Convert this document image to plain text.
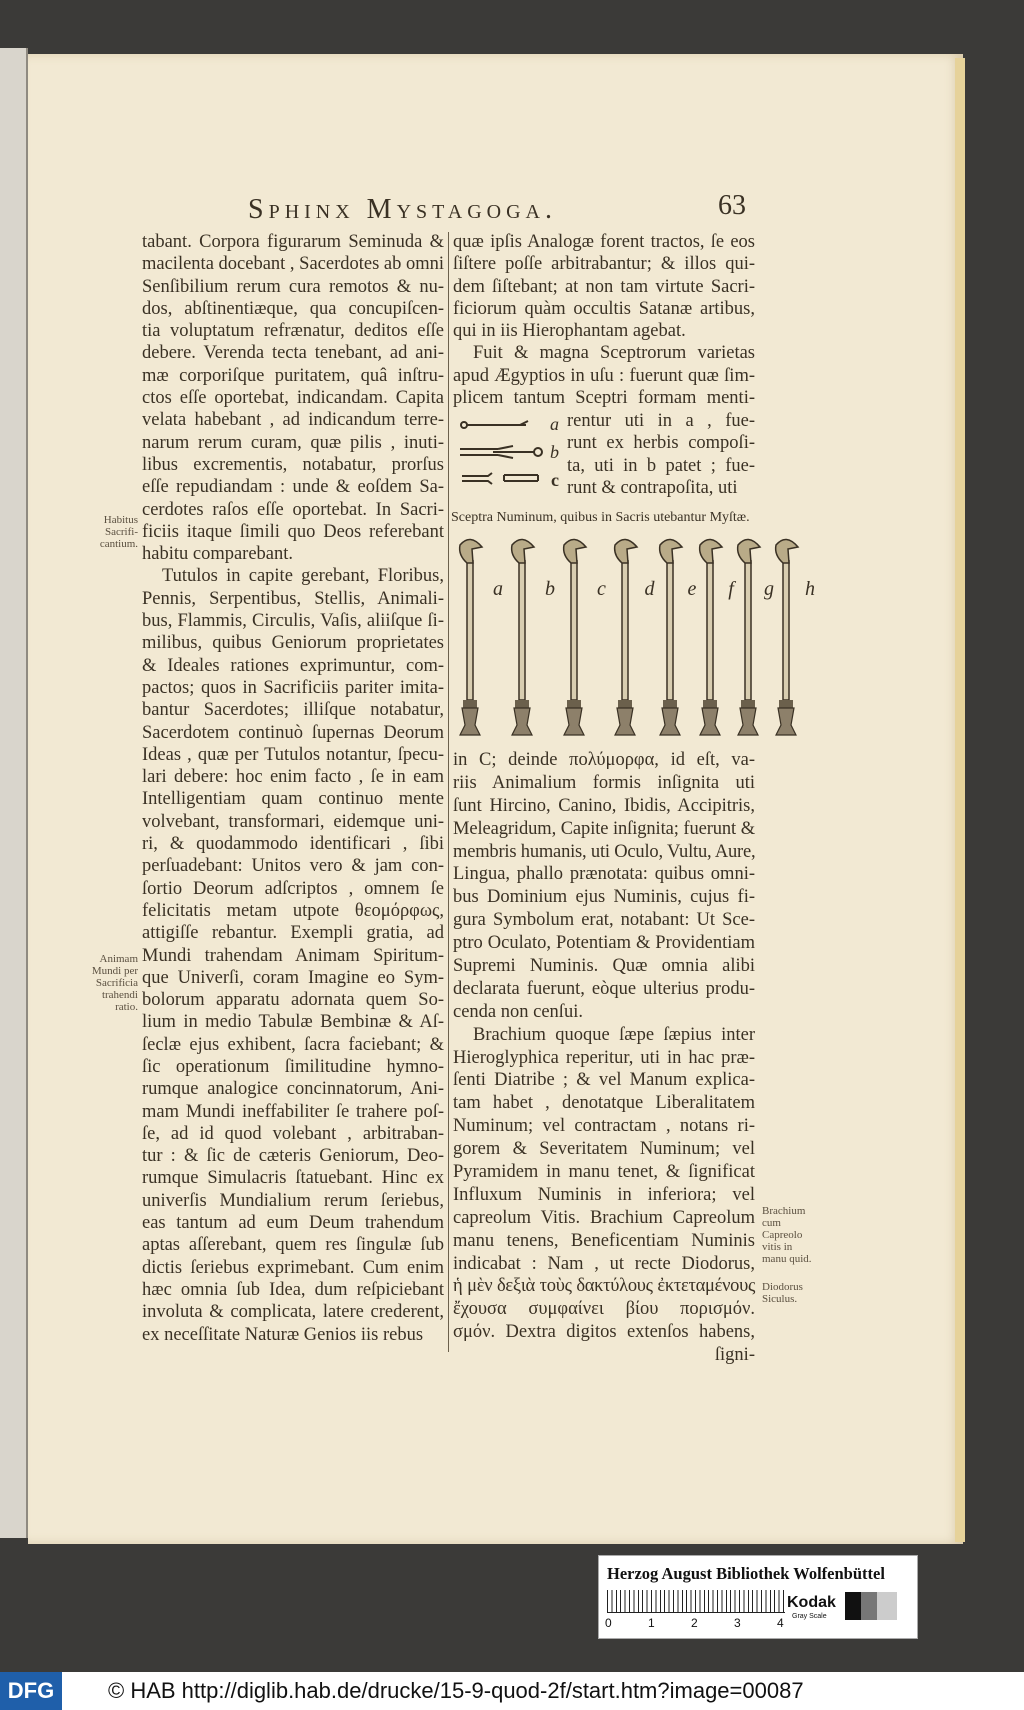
Sphinx Mystagoga.	63
tabant. Corpora figurarum Seminuda &
macilenta docebant , Sacerdotes ab omni
Senſibilium rerum cura remotos & nu-
dos, abſtinentiæque, qua concupiſcen-
tia voluptatum refrænatur, deditos eſſe
debere. Verenda tecta tenebant, ad ani-
mæ corporiſque puritatem, quâ inſtru-
ctos eſſe oportebat, indicandam. Capita
velata habebant , ad indicandum terre-
narum rerum curam, quæ pilis , inuti-
libus excrementis, notabatur, prorſus
eſſe repudiandam : unde & eoſdem Sa-
cerdotes raſos eſſe oportebat. In Sacri-
ficiis itaque ſimili quo Deos referebant
habitu comparebant.
Tutulos in capite gerebant, Floribus,
Pennis, Serpentibus, Stellis, Animali-
bus, Flammis, Circulis, Vaſis, aliiſque ſi-
milibus, quibus Geniorum proprietates
& Ideales rationes exprimuntur, com-
pactos; quos in Sacrificiis pariter imita-
bantur Sacerdotes; illiſque notabatur,
Sacerdotem continuò ſupernas Deorum
Ideas , quæ per Tutulos notantur, ſpecu-
lari debere: hoc enim facto , ſe in eam
Intelligentiam quam continuo mente
volvebant, transformari, eidemque uni-
ri, & quodammodo identificari , ſibi
perſuadebant: Unitos vero & jam con-
ſortio Deorum adſcriptos , omnem ſe
felicitatis metam utpote θεομόρφως,
attigiſſe rebantur. Exempli gratia, ad
Mundi trahendam Animam Spiritum-
que Univerſi, coram Imagine eo Sym-
bolorum apparatu adornata quem So-
lium in medio Tabulæ Bembinæ & Aſ-
ſeclæ ejus exhibent, ſacra faciebant; &
ſic operationum ſimilitudine hymno-
rumque analogice concinnatorum, Ani-
mam Mundi ineffabiliter ſe trahere poſ-
ſe, ad id quod volebant , arbitraban-
tur : & ſic de cæteris Geniorum, Deo-
rumque Simulacris ſtatuebant. Hinc ex
univerſis Mundialium rerum ſeriebus,
eas tantum ad eum Deum trahendum
aptas aſſerebant, quem res ſingulæ ſub
dictis ſeriebus exprimebant. Cum enim
hæc omnia ſub Idea, dum reſpiciebant
involuta & complicata, latere crederent,
ex neceſſitate Naturæ Genios iis rebus
quæ ipſis Analogæ forent tractos, ſe eos
ſiſtere poſſe arbitrabantur; & illos qui-
dem ſiſtebant; at non tam virtute Sacri-
ficiorum quàm occultis Satanæ artibus,
qui in iis Hierophantam agebat.
Fuit & magna Sceptrorum varietas
apud Ægyptios in uſu : fuerunt quæ ſim-
plicem tantum Sceptri formam menti-
rentur uti in a , fue-
runt ex herbis compoſi-
ta, uti in b patet ; fue-
runt & contrapoſita, uti
a
b
c
Sceptra Numinum, quibus in Sacris utebantur Myſtæ.
a b c d e f g h
in C; deinde πολύμορφα, id eſt, va-
riis Animalium formis inſignita uti
ſunt Hircino, Canino, Ibidis, Accipitris,
Meleagridum, Capite inſignita; fuerunt &
membris humanis, uti Oculo, Vultu, Aure,
Lingua, phallo prænotata: quibus omni-
bus Dominium ejus Numinis, cujus fi-
gura Symbolum erat, notabant: Ut Sce-
ptro Oculato, Potentiam & Providentiam
Supremi Numinis. Quæ omnia alibi
declarata fuerunt, eòque ulterius produ-
cenda non cenſui.
Brachium quoque ſæpe ſæpius inter
Hieroglyphica reperitur, uti in hac præ-
ſenti Diatribe ; & vel Manum explica-
tam habet , denotatque Liberalitatem
Numinum; vel contractam , notans ri-
gorem & Severitatem Numinum; vel
Pyramidem in manu tenet, & ſignificat
Influxum Numinis in inferiora; vel
capreolum Vitis. Brachium Capreolum
manu tenens, Beneficentiam Numinis
indicabat : Nam , ut recte Diodorus,
ἡ μὲν δεξιὰ τοὺς δακτύλους ἐκτεταμένους
ἔχουσα συμφαίνει βίου πορισμόν.
σμόν. Dextra digitos extenſos habens,
ſigni-
Habitus Sacrifi- cantium.
Animam Mundi per Sacrificia trahendi ratio.
Brachium cum Capreolo vitis in manu quid.
Diodorus Siculus.
Herzog August Bibliothek Wolfenbüttel
0	1	2	3	4
Kodak
Gray Scale
DFG	© HAB http://diglib.hab.de/drucke/15-9-quod-2f/start.htm?image=00087
